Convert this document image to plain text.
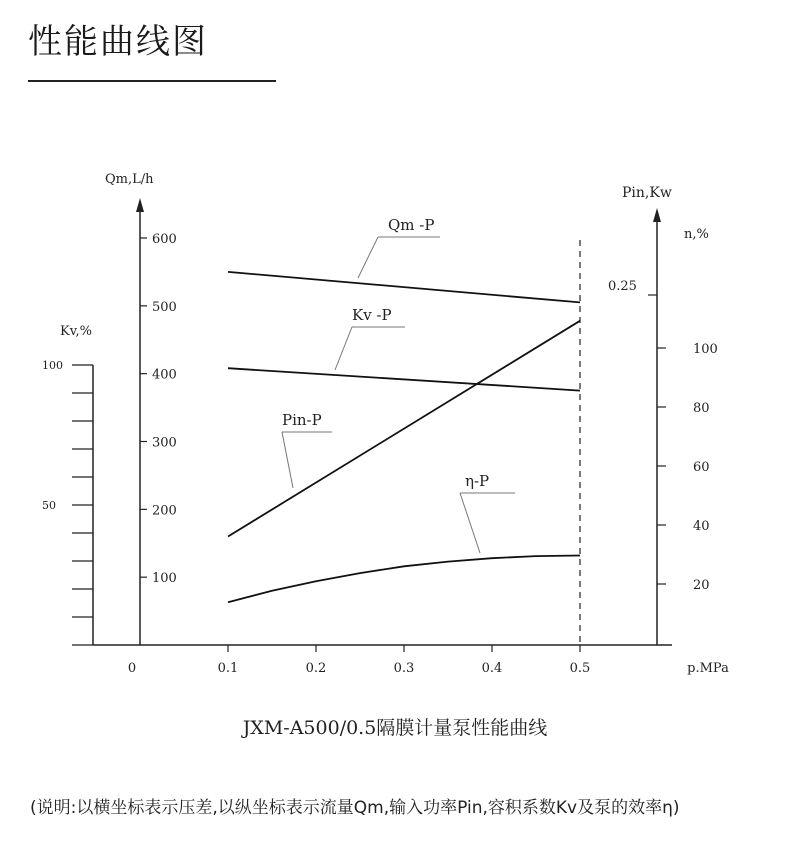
性能曲线图
0	0.1	0.2	0.3	0.4	0.5	p.MPa
100
200
300
400
500
600
Qm,L/h
50
100
Kv,%
0.25
Pin,Kw
20
40
60
80
100
n,%
Qm -P
Kv -P
Pin-P
η-P
JXM-A500/0.5隔膜计量泵性能曲线
(说明:以横坐标表示压差,以纵坐标表示流量Qm,输入功率Pin,容积系数Kv及泵的效率η)
